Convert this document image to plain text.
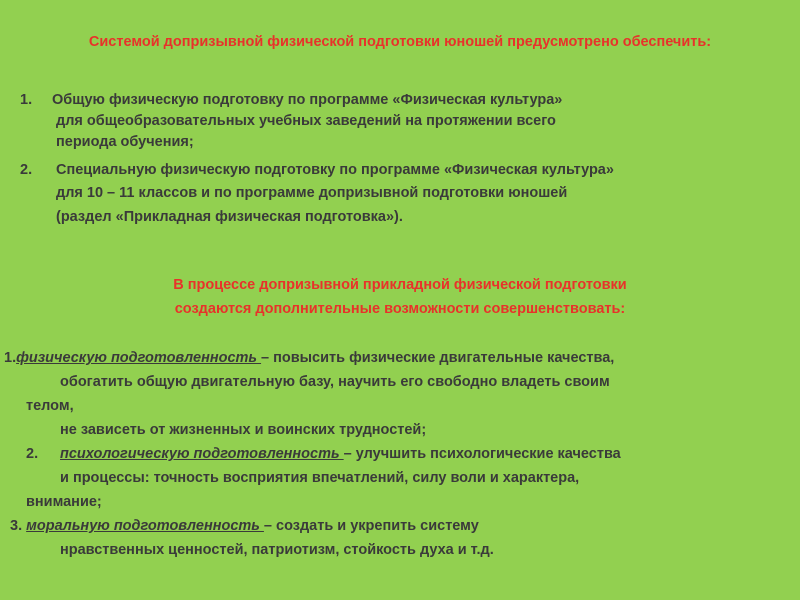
Системой допризывной физической подготовки юношей предусмотрено обеспечить:
1. Общую физическую подготовку по программе «Физическая культура»
для общеобразовательных учебных заведений на протяжении всего
периода обучения;
2. Специальную физическую подготовку по программе «Физическая культура»
для 10 – 11 классов и по программе допризывной подготовки юношей
(раздел «Прикладная физическая подготовка»).
В процессе допризывной прикладной физической подготовки
создаются дополнительные возможности совершенствовать:
1.физическую подготовленность – повысить физические двигательные качества,
обогатить общую двигательную базу, научить его свободно владеть своим
телом,
не зависеть от жизненных и воинских трудностей;
2. психологическую подготовленность – улучшить психологические качества
и процессы: точность восприятия впечатлений, силу воли и характера,
внимание;
3. моральную подготовленность – создать и укрепить систему
нравственных ценностей, патриотизм, стойкость духа и т.д.
